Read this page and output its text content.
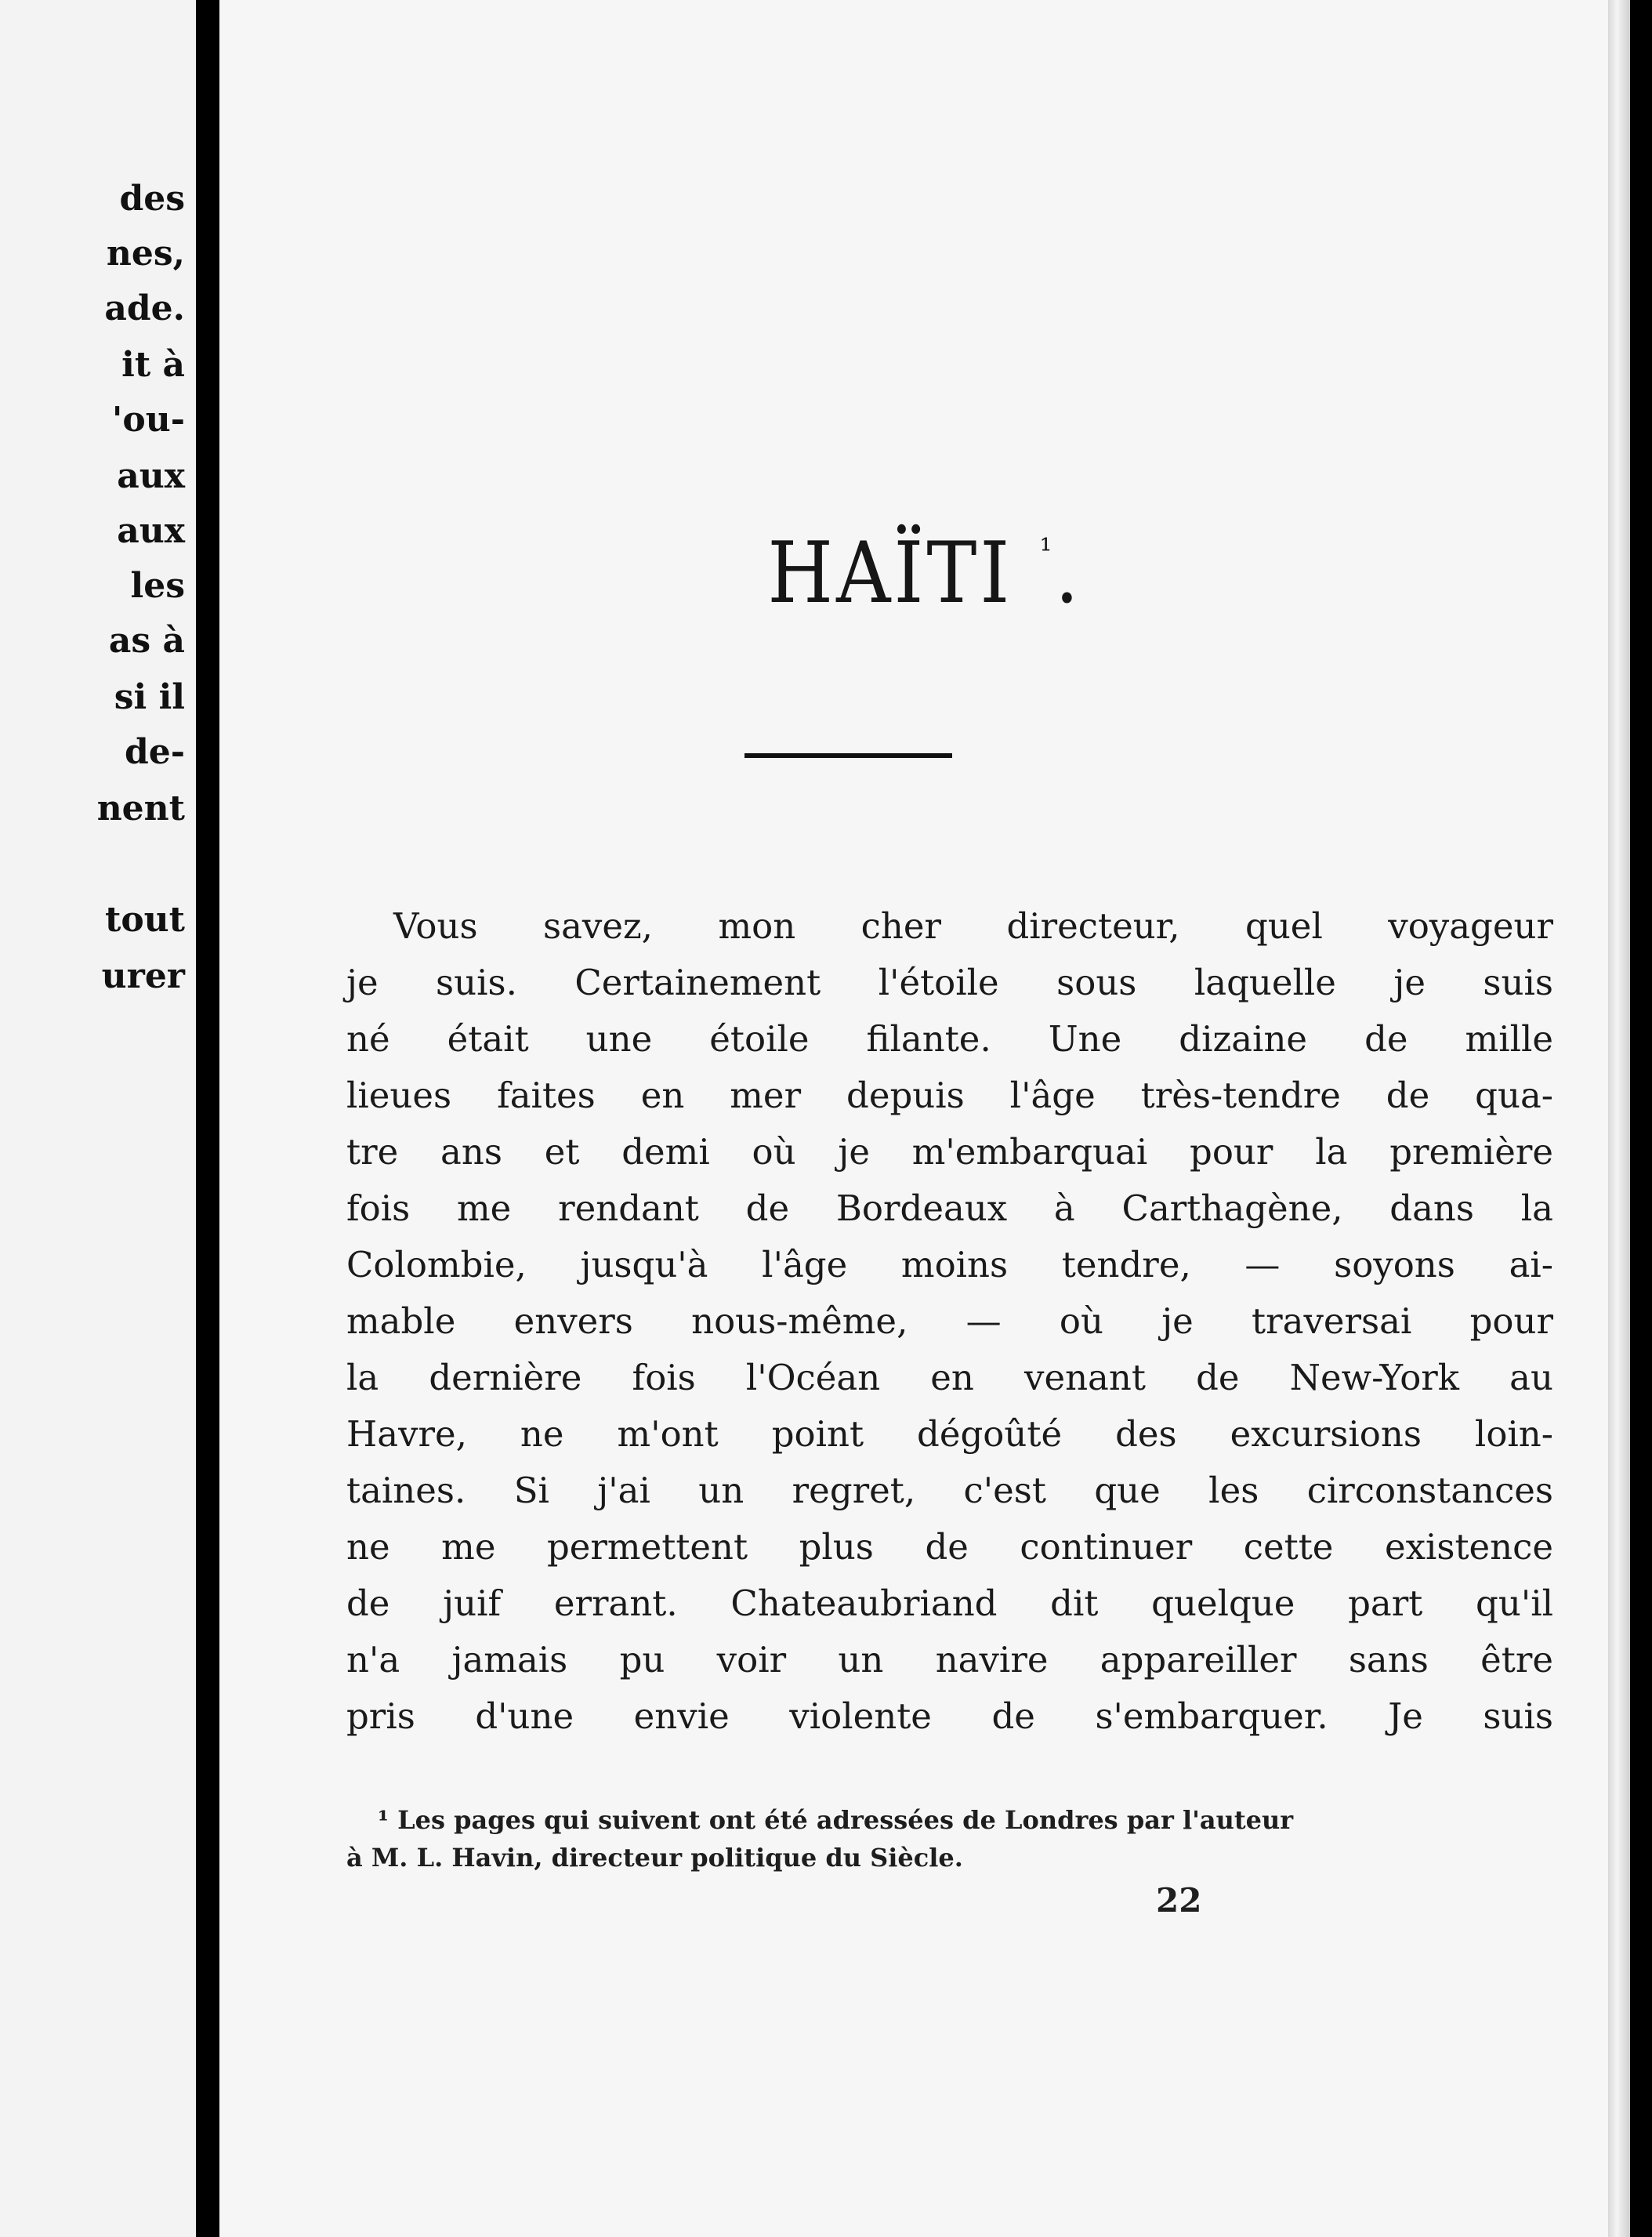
des

nes,

ade.

it à

'ou-

aux

aux

les

as à

si il

de-

nent

tout

urer

HAÏTI $^{^1}$.
Vous savez, mon cher directeur, quel voyageur
je suis. Certainement l'étoile sous laquelle je suis
né était une étoile filante. Une dizaine de mille
lieues faites en mer depuis l'âge très-tendre de qua-
tre ans et demi où je m'embarquai pour la première
fois me rendant de Bordeaux à Carthagène, dans la
Colombie, jusqu'à l'âge moins tendre, — soyons ai-
mable envers nous-même, — où je traversai pour
la dernière fois l'Océan en venant de New-York au
Havre, ne m'ont point dégoûté des excursions loin-
taines. Si j'ai un regret, c'est que les circonstances
ne me permettent plus de continuer cette existence
de juif errant. Chateaubriand dit quelque part qu'il
n'a jamais pu voir un navire appareiller sans être
pris d'une envie violente de s'embarquer. Je suis
¹ Les pages qui suivent ont été adressées de Londres par l'auteur
à M. L. Havin, directeur politique du Siècle.

22
